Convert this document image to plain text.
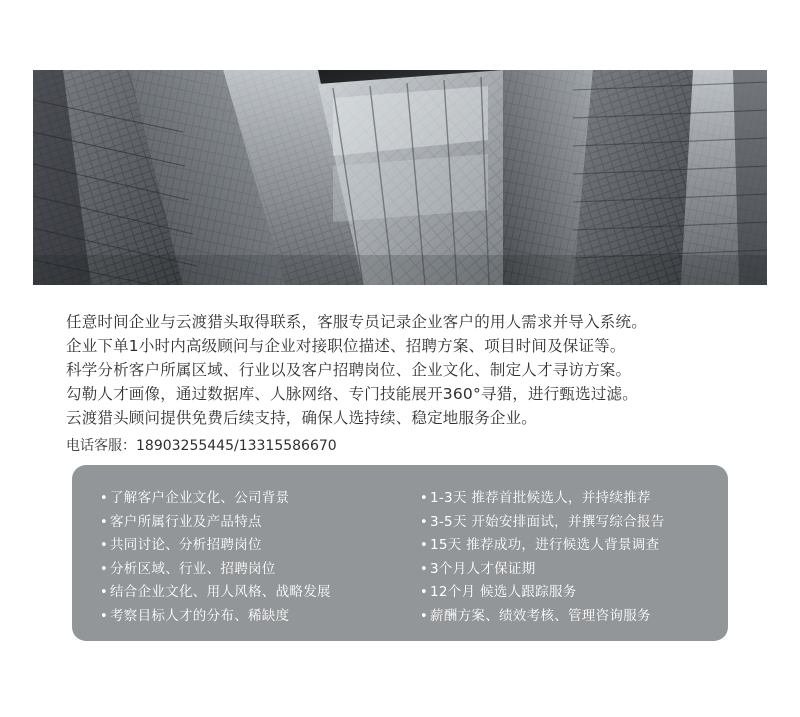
任意时间企业与云渡猎头取得联系，客服专员记录企业客户的用人需求并导入系统。
企业下单1小时内高级顾问与企业对接职位描述、招聘方案、项目时间及保证等。
科学分析客户所属区域、行业以及客户招聘岗位、企业文化、制定人才寻访方案。
勾勒人才画像，通过数据库、人脉网络、专门技能展开360°寻猎，进行甄选过滤。
云渡猎头顾问提供免费后续支持，确保人选持续、稳定地服务企业。
电话客服：18903255445/13315586670
• 了解客户企业文化、公司背景
• 客户所属行业及产品特点
• 共同讨论、分析招聘岗位
• 分析区域、行业、招聘岗位
• 结合企业文化、用人风格、战略发展
• 考察目标人才的分布、稀缺度
• 1-3天 推荐首批候选人，并持续推荐
• 3-5天 开始安排面试，并撰写综合报告
• 15天 推荐成功，进行候选人背景调查
• 3个月人才保证期
• 12个月 候选人跟踪服务
• 薪酬方案、绩效考核、管理咨询服务
